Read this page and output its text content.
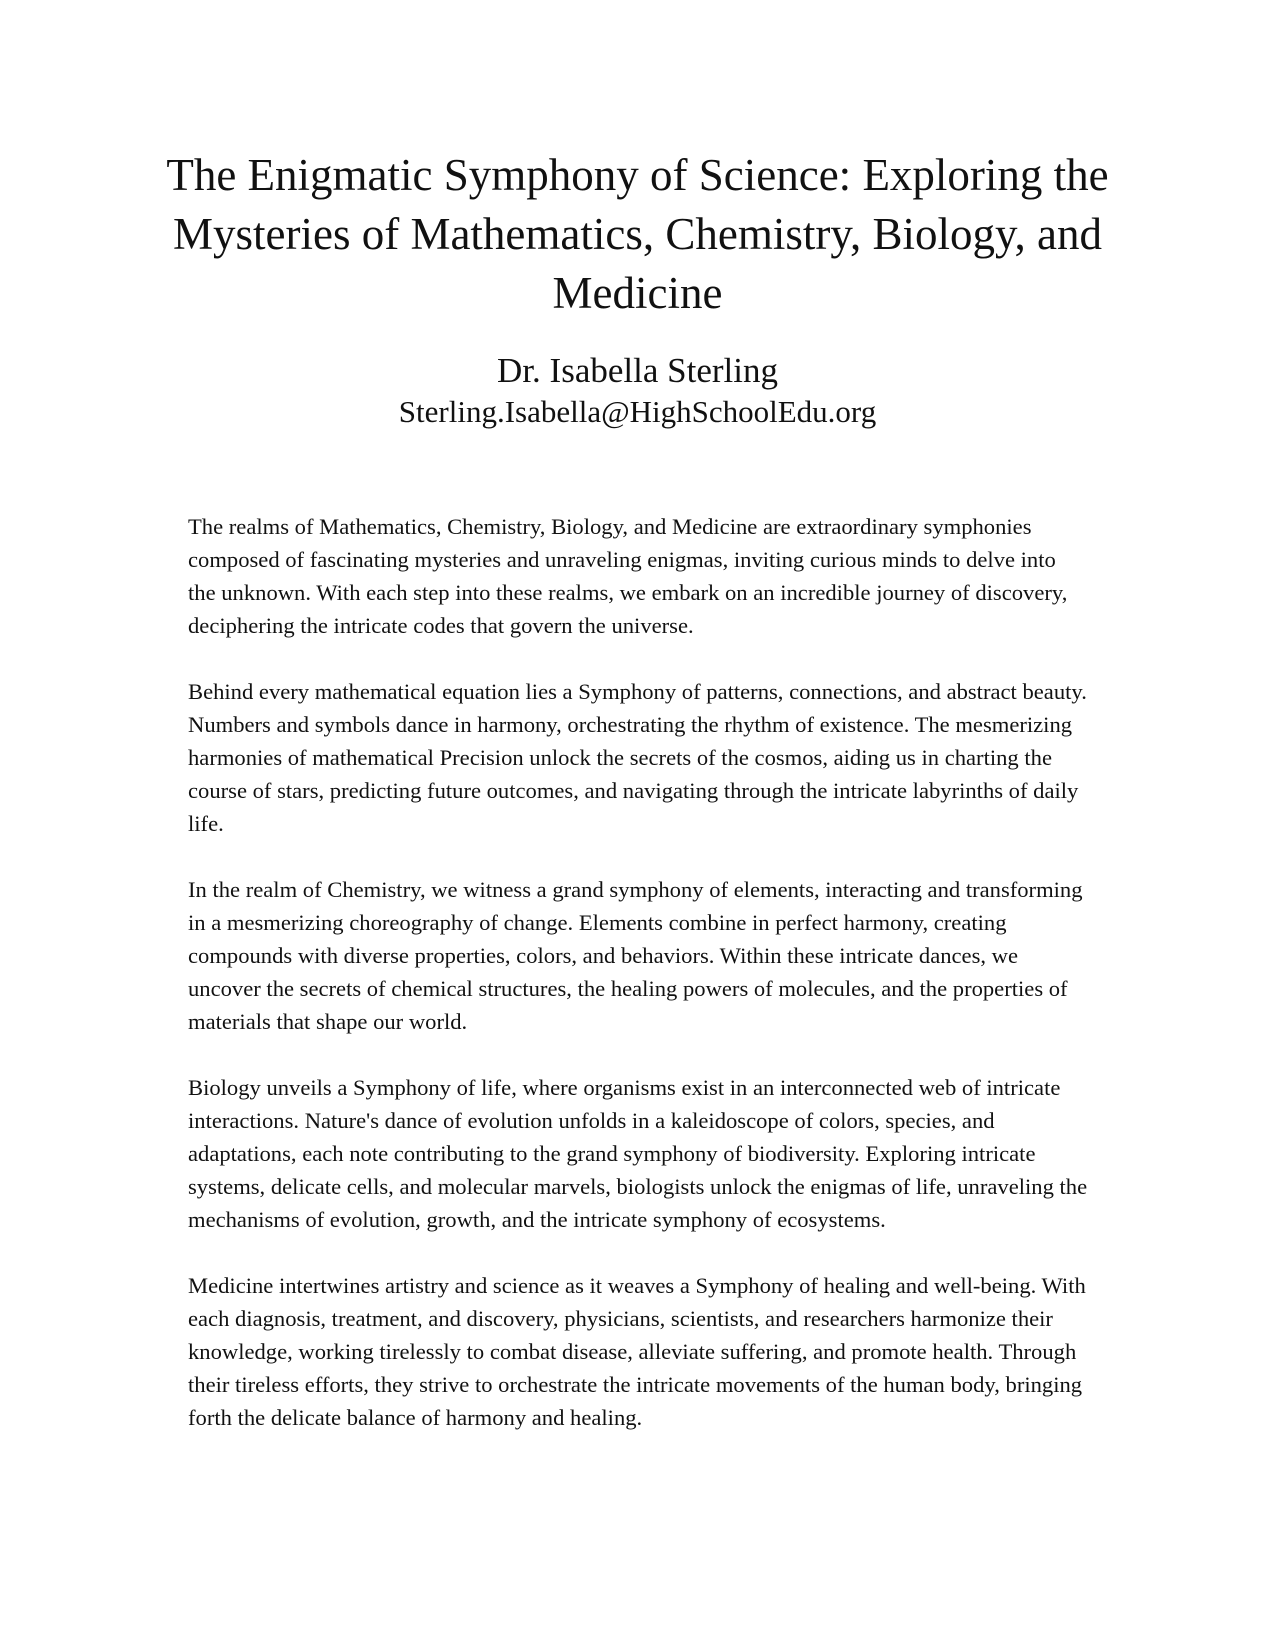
The Enigmatic Symphony of Science: Exploring the Mysteries of Mathematics, Chemistry, Biology, and Medicine

Dr. Isabella Sterling

Sterling.Isabella@HighSchoolEdu.org

The realms of Mathematics, Chemistry, Biology, and Medicine are extraordinary symphonies composed of fascinating mysteries and unraveling enigmas, inviting curious minds to delve into the unknown. With each step into these realms, we embark on an incredible journey of discovery, deciphering the intricate codes that govern the universe.

Behind every mathematical equation lies a Symphony of patterns, connections, and abstract beauty. Numbers and symbols dance in harmony, orchestrating the rhythm of existence. The mesmerizing harmonies of mathematical Precision unlock the secrets of the cosmos, aiding us in charting the course of stars, predicting future outcomes, and navigating through the intricate labyrinths of daily life.

In the realm of Chemistry, we witness a grand symphony of elements, interacting and transforming in a mesmerizing choreography of change. Elements combine in perfect harmony, creating compounds with diverse properties, colors, and behaviors. Within these intricate dances, we uncover the secrets of chemical structures, the healing powers of molecules, and the properties of materials that shape our world.

Biology unveils a Symphony of life, where organisms exist in an interconnected web of intricate interactions. Nature's dance of evolution unfolds in a kaleidoscope of colors, species, and adaptations, each note contributing to the grand symphony of biodiversity. Exploring intricate systems, delicate cells, and molecular marvels, biologists unlock the enigmas of life, unraveling the mechanisms of evolution, growth, and the intricate symphony of ecosystems.

Medicine intertwines artistry and science as it weaves a Symphony of healing and well-being. With each diagnosis, treatment, and discovery, physicians, scientists, and researchers harmonize their knowledge, working tirelessly to combat disease, alleviate suffering, and promote health. Through their tireless efforts, they strive to orchestrate the intricate movements of the human body, bringing forth the delicate balance of harmony and healing.
